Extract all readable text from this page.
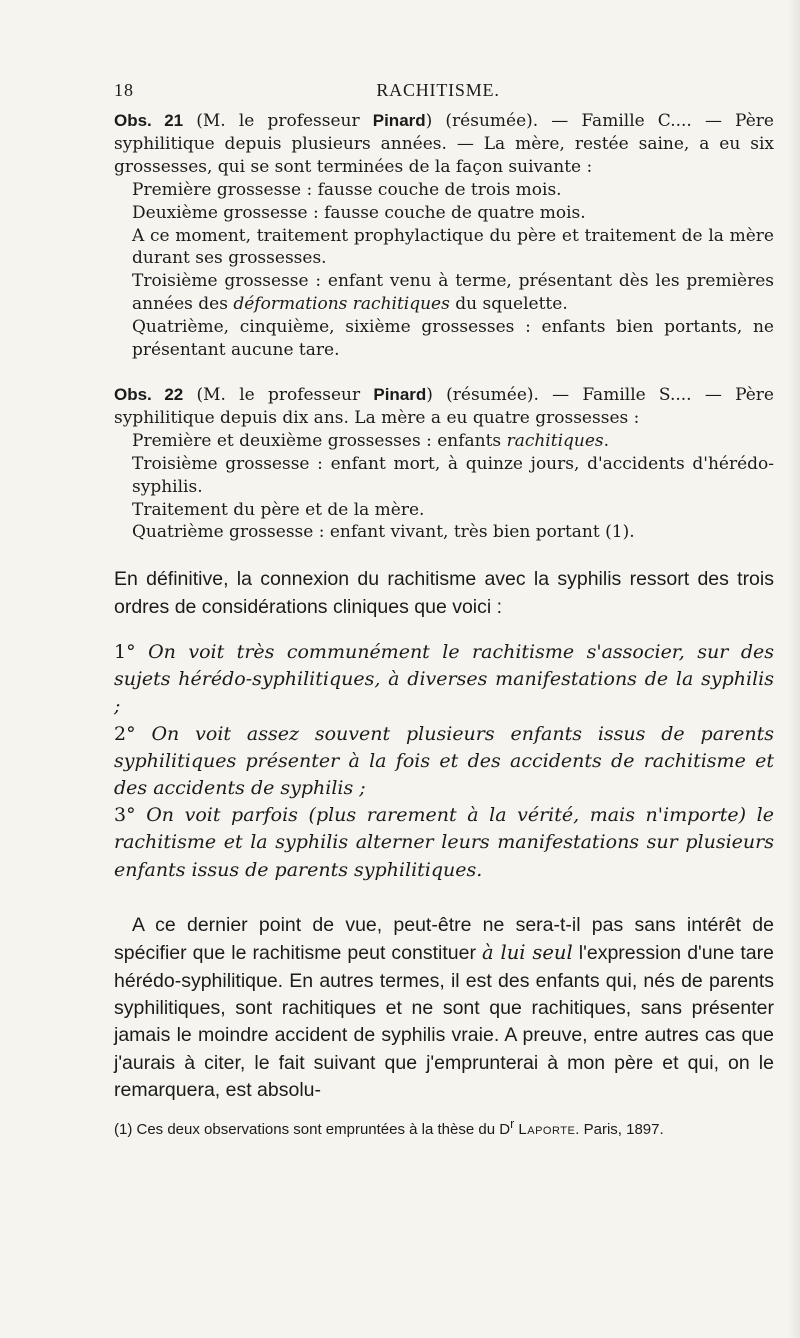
18	RACHITISME.

Obs. 21 (M. le professeur Pinard) (résumée). — Famille C.... — Père syphilitique depuis plusieurs années. — La mère, restée saine, a eu six grossesses, qui se sont terminées de la façon suivante :

Première grossesse : fausse couche de trois mois.

Deuxième grossesse : fausse couche de quatre mois.

A ce moment, traitement prophylactique du père et traitement de la mère durant ses grossesses.

Troisième grossesse : enfant venu à terme, présentant dès les premières années des déformations rachitiques du squelette.

Quatrième, cinquième, sixième grossesses : enfants bien portants, ne présentant aucune tare.

Obs. 22 (M. le professeur Pinard) (résumée). — Famille S.... — Père syphilitique depuis dix ans. La mère a eu quatre grossesses :

Première et deuxième grossesses : enfants rachitiques.

Troisième grossesse : enfant mort, à quinze jours, d'accidents d'hérédo-syphilis.

Traitement du père et de la mère.

Quatrième grossesse : enfant vivant, très bien portant (1).

En définitive, la connexion du rachitisme avec la syphilis ressort des trois ordres de considérations cliniques que voici :

1° On voit très communément le rachitisme s'associer, sur des sujets hérédo-syphilitiques, à diverses manifestations de la syphilis ;

2° On voit assez souvent plusieurs enfants issus de parents syphilitiques présenter à la fois et des accidents de rachitisme et des accidents de syphilis ;

3° On voit parfois (plus rarement à la vérité, mais n'importe) le rachitisme et la syphilis alterner leurs manifestations sur plusieurs enfants issus de parents syphilitiques.

A ce dernier point de vue, peut-être ne sera-t-il pas sans intérêt de spécifier que le rachitisme peut constituer à lui seul l'expression d'une tare hérédo-syphilitique. En autres termes, il est des enfants qui, nés de parents syphilitiques, sont rachitiques et ne sont que rachitiques, sans présenter jamais le moindre accident de syphilis vraie. A preuve, entre autres cas que j'aurais à citer, le fait suivant que j'emprunterai à mon père et qui, on le remarquera, est absolu-

(1) Ces deux observations sont empruntées à la thèse du $D^r$ Laporte. Paris, 1897.
